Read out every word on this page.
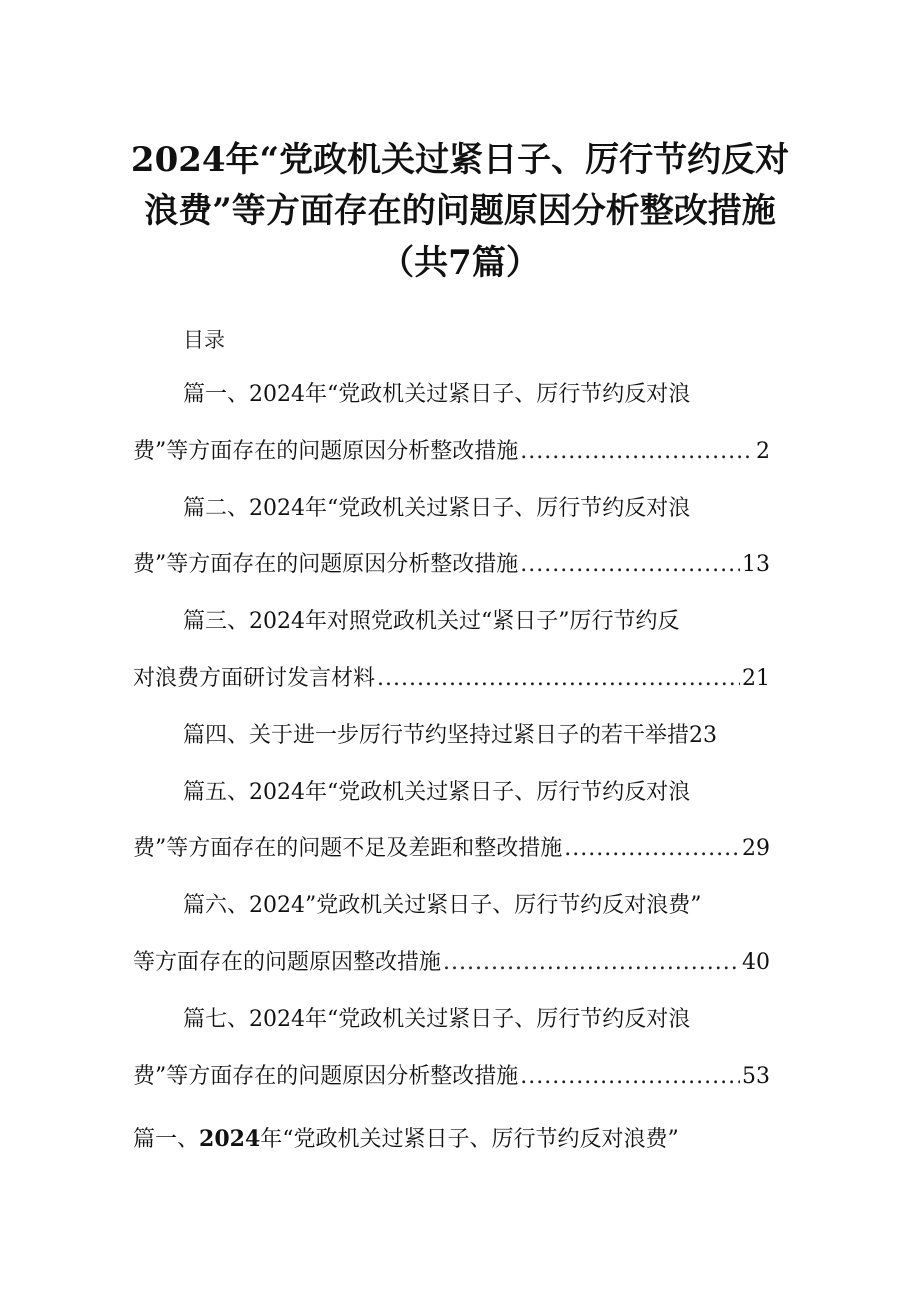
2024年“党政机关过紧日子、厉行节约反对
浪费”等方面存在的问题原因分析整改措施
（共7篇）
目录
篇一、2024年“党政机关过紧日子、厉行节约反对浪
费”等方面存在的问题原因分析整改措施 .....	2
篇二、2024年“党政机关过紧日子、厉行节约反对浪
费”等方面存在的问题原因分析整改措施 .....	13
篇三、2024年对照党政机关过“紧日子”厉行节约反
对浪费方面研讨发言材料 .....	21
篇四、关于进一步厉行节约坚持过紧日子的若干举措23
篇五、2024年“党政机关过紧日子、厉行节约反对浪
费”等方面存在的问题不足及差距和整改措施 .....	29
篇六、2024”党政机关过紧日子、厉行节约反对浪费”
等方面存在的问题原因整改措施 .....	40
篇七、2024年“党政机关过紧日子、厉行节约反对浪
费”等方面存在的问题原因分析整改措施 .....	53
篇一、2024年“党政机关过紧日子、厉行节约反对浪费”
